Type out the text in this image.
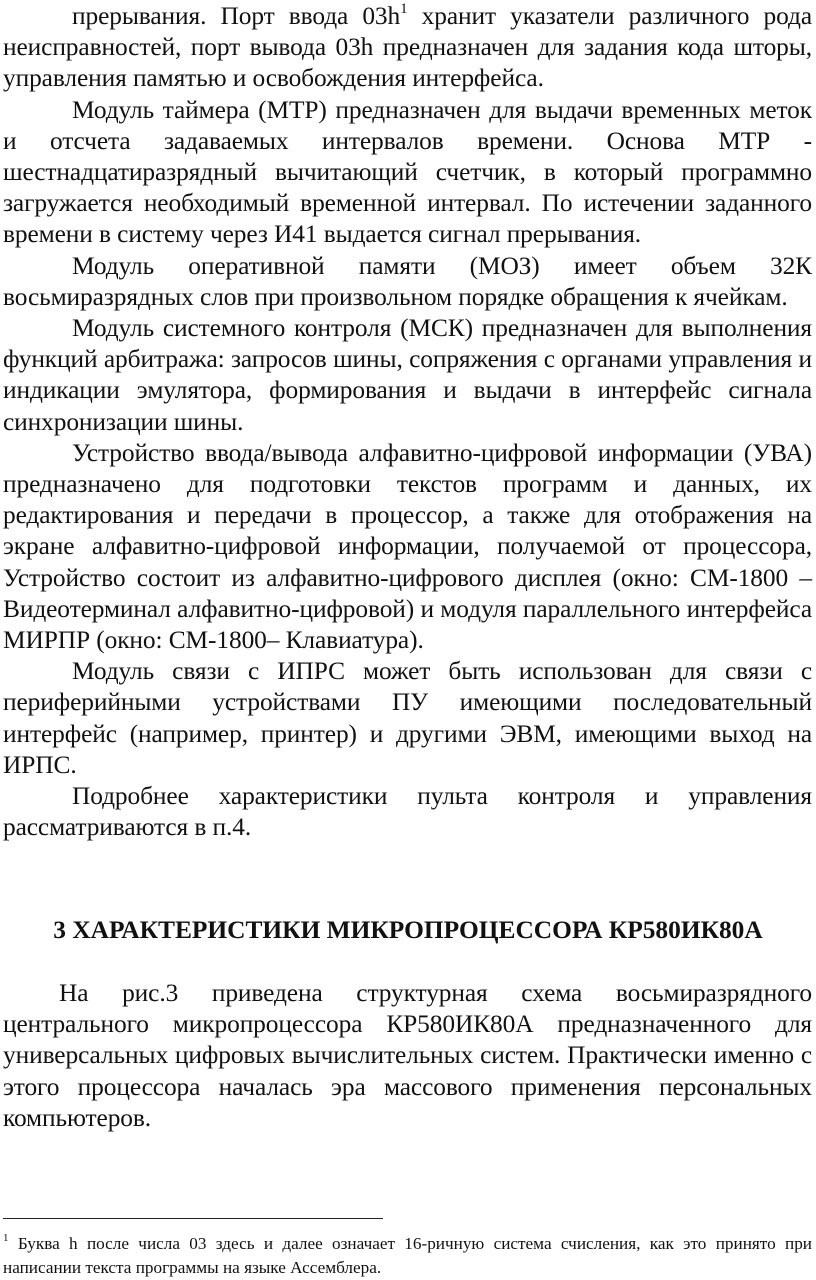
прерывания. Порт ввода $03h^1$ хранит указатели различного рода неисправностей, порт вывода 03h предназначен для задания кода шторы, управления памятью и освобождения интерфейса.

Модуль таймера (МТР) предназначен для выдачи временных меток и отсчета задаваемых интервалов времени. Основа МТР - шестнадцатиразрядный вычитающий счетчик, в который программно загружается необходимый временной интервал. По истечении заданного времени в систему через И41 выдается сигнал прерывания.

Модуль оперативной памяти (МОЗ) имеет объем 32К восьмиразрядных слов при произвольном порядке обращения к ячейкам.

Модуль системного контроля (МСК) предназначен для выполнения функций арбитража: запросов шины, сопряжения с органами управления и индикации эмулятора, формирования и выдачи в интерфейс сигнала синхронизации шины.

Устройство ввода/вывода алфавитно-цифровой информации (УВА) предназначено для подготовки текстов программ и данных, их редактирования и передачи в процессор, а также для отображения на экране алфавитно-цифровой информации, получаемой от процессора, Устройство состоит из алфавитно-цифрового дисплея (окно: СМ-1800 – Видеотерминал алфавитно-цифровой) и модуля параллельного интерфейса МИРПР (окно: СМ-1800– Клавиатура).

Модуль связи с ИПРС может быть использован для связи с периферийными устройствами ПУ имеющими последовательный интерфейс (например, принтер) и другими ЭВМ, имеющими выход на ИРПС.

Подробнее характеристики пульта контроля и управления рассматриваются в п.4.

3 ХАРАКТЕРИСТИКИ МИКРОПРОЦЕССОРА КР580ИК80А

На рис.3 приведена структурная схема восьмиразрядного центрального микропроцессора КР580ИК80А предназначенного для универсальных цифровых вычислительных систем. Практически именно с этого процессора началась эра массового применения персональных компьютеров.

$^1$ Буква h после числа 03 здесь и далее означает 16-ричную система счисления, как это принято при написании текста программы на языке Ассемблера.
